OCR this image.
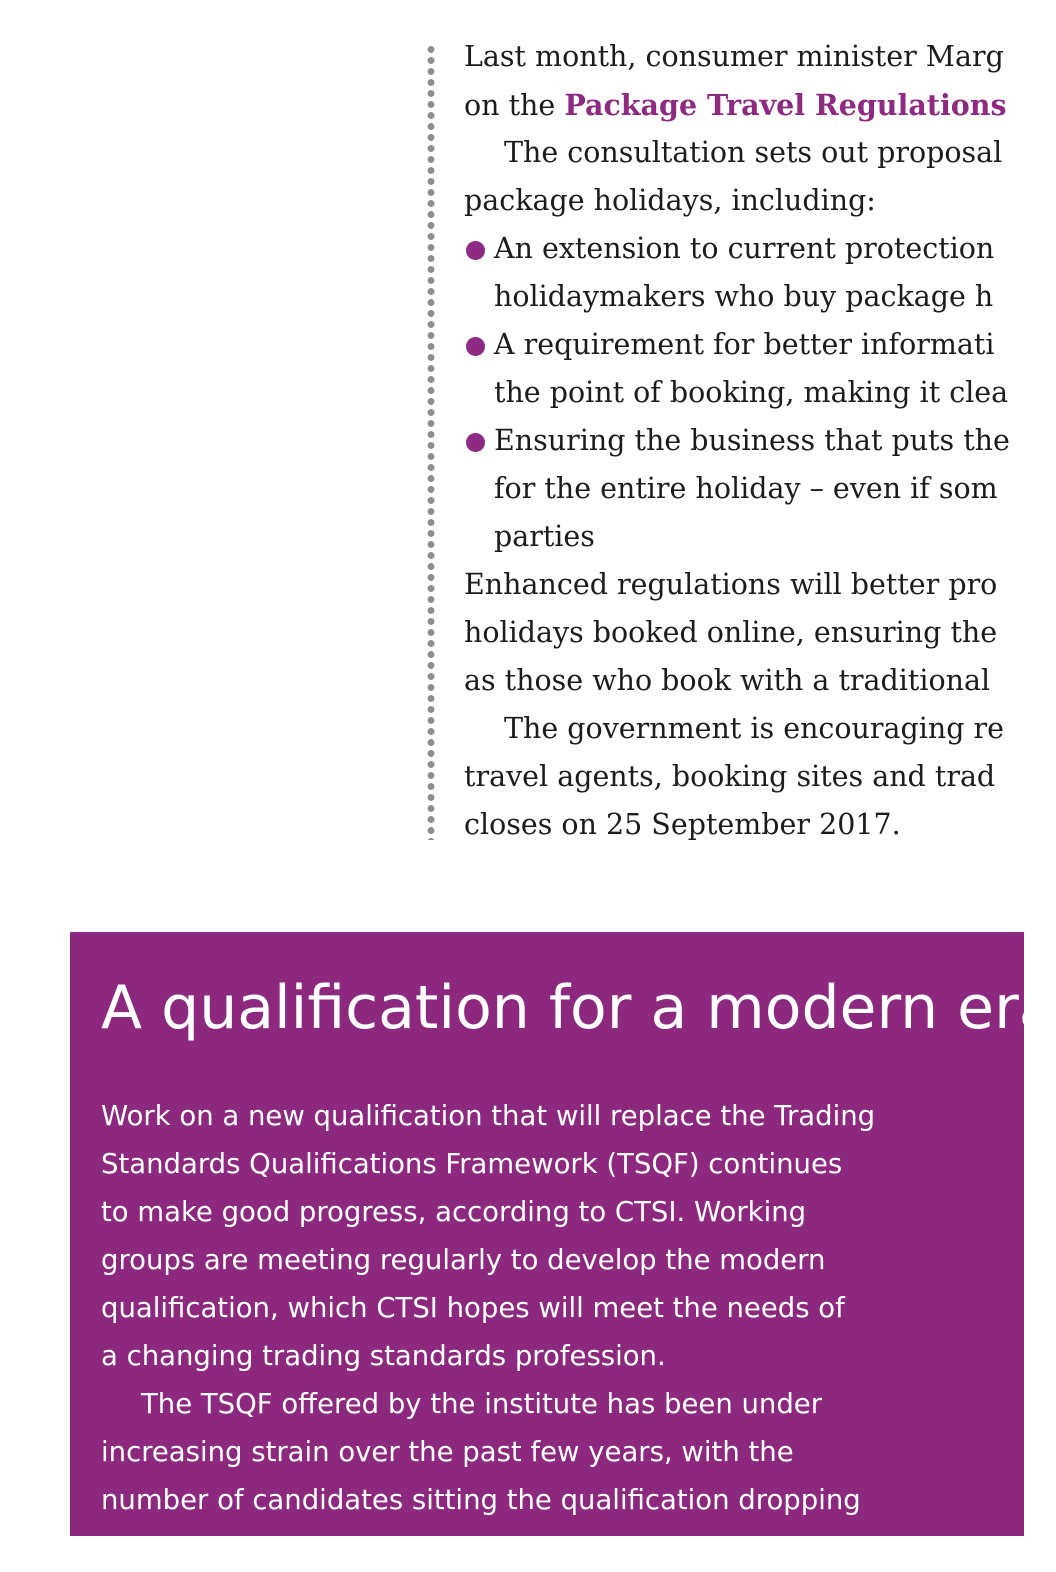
Last month, consumer minister Marg
on the Package Travel Regulations
The consultation sets out proposal
package holidays, including:
An extension to current protection
holidaymakers who buy package h
A requirement for better informati
the point of booking, making it clea
Ensuring the business that puts the
for the entire holiday – even if som
parties
Enhanced regulations will better pro
holidays booked online, ensuring the
as those who book with a traditional
The government is encouraging re
travel agents, booking sites and trad
closes on 25 September 2017.
A qualification for a modern era
Work on a new qualification that will replace the Trading
Standards Qualifications Framework (TSQF) continues
to make good progress, according to CTSI. Working
groups are meeting regularly to develop the modern
qualification, which CTSI hopes will meet the needs of
a changing trading standards profession.
The TSQF offered by the institute has been under
increasing strain over the past few years, with the
number of candidates sitting the qualification dropping
by 57 per cent since 2011. Following a consultation
